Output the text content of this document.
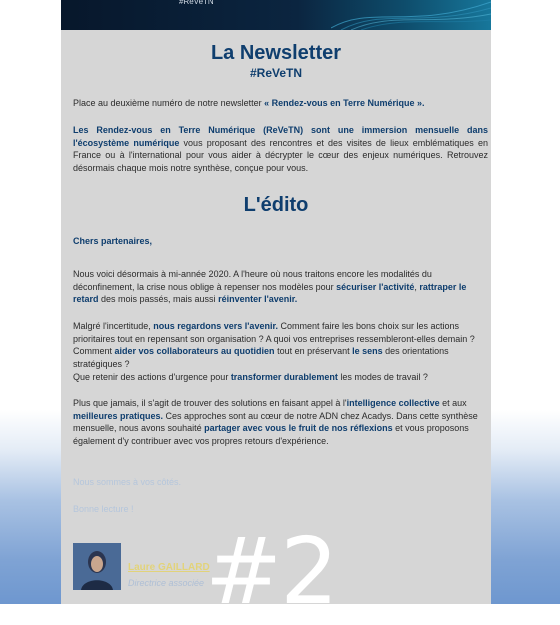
#ReVeTN
La Newsletter
#ReVeTN
Place au deuxième numéro de notre newsletter « Rendez-vous en Terre Numérique ».
Les Rendez-vous en Terre Numérique (ReVeTN) sont une immersion mensuelle dans l'écosystème numérique vous proposant des rencontres et des visites de lieux emblématiques en France ou à l'international pour vous aider à décrypter le cœur des enjeux numériques. Retrouvez désormais chaque mois notre synthèse, conçue pour vous.
L'édito
Chers partenaires,
Nous voici désormais à mi-année 2020. A l'heure où nous traitons encore les modalités du déconfinement, la crise nous oblige à repenser nos modèles pour sécuriser l'activité, rattraper le retard des mois passés, mais aussi réinventer l'avenir.
Malgré l'incertitude, nous regardons vers l'avenir. Comment faire les bons choix sur les actions prioritaires tout en repensant son organisation ? A quoi vos entreprises ressembleront-elles demain ? Comment aider vos collaborateurs au quotidien tout en préservant le sens des orientations stratégiques ?
Que retenir des actions d'urgence pour transformer durablement les modes de travail ?
Plus que jamais, il s'agit de trouver des solutions en faisant appel à l'intelligence collective et aux meilleures pratiques. Ces approches sont au cœur de notre ADN chez Acadys. Dans cette synthèse mensuelle, nous avons souhaité partager avec vous le fruit de nos réflexions et vous proposons également d'y contribuer avec vos propres retours d'expérience.
Nous sommes à vos côtés.
Bonne lecture !
Laure GAILLARD
Directrice associée #2
